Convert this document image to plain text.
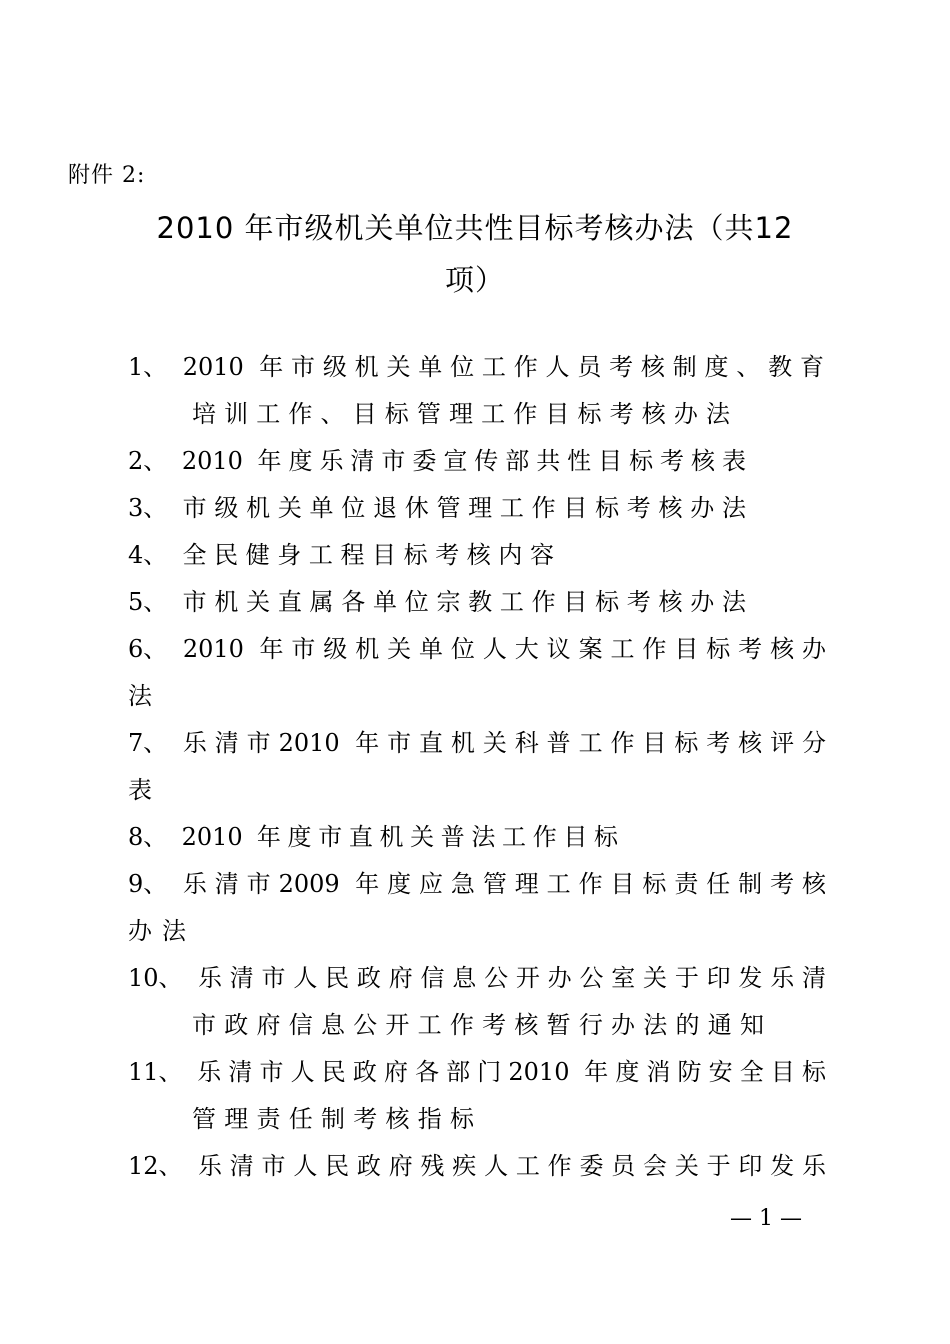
附件 2:
2010 年市级机关单位共性目标考核办法（共12
项）
1、 2010 年市级机关单位工作人员考核制度、教育
培训工作、目标管理工作目标考核办法
2、 2010 年度乐清市委宣传部共性目标考核表
3、 市级机关单位退休管理工作目标考核办法
4、 全民健身工程目标考核内容
5、 市机关直属各单位宗教工作目标考核办法
6、 2010 年市级机关单位人大议案工作目标考核办
法
7、 乐清市2010 年市直机关科普工作目标考核评分
表
8、 2010 年度市直机关普法工作目标
9、 乐清市2009 年度应急管理工作目标责任制考核
办法
10、 乐清市人民政府信息公开办公室关于印发乐清
市政府信息公开工作考核暂行办法的通知
11、 乐清市人民政府各部门2010 年度消防安全目标
管理责任制考核指标
12、 乐清市人民政府残疾人工作委员会关于印发乐
— 1 —
